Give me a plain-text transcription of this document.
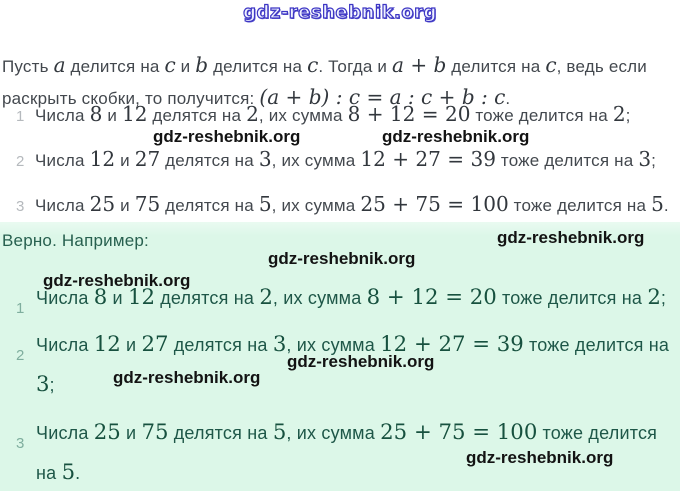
gdz-reshebnik.org

Пусть a делится на c и b делится на c. Тогда и a + b делится на c, ведь если
раскрыть скобки, то получится: (a + b) : c = a : c + b : c.

1 Числа 8 и 12 делятся на 2, их сумма 8 + 12 = 20 тоже делится на 2;
2 Числа 12 и 27 делятся на 3, их сумма 12 + 27 = 39 тоже делится на 3;
3 Числа 25 и 75 делятся на 5, их сумма 25 + 75 = 100 тоже делится на 5.
gdz-reshebnik.org	gdz-reshebnik.org
Верно. Например:
1
Числа 8 и 12 делятся на 2, их сумма 8 + 12 = 20 тоже делится на 2;
2
Числа 12 и 27 делятся на 3, их сумма 12 + 27 = 39 тоже делится на
3;
3
Числа 25 и 75 делятся на 5, их сумма 25 + 75 = 100 тоже делится
на 5.
gdz-reshebnik.org
gdz-reshebnik.org
gdz-reshebnik.org
gdz-reshebnik.org
gdz-reshebnik.org
gdz-reshebnik.org
